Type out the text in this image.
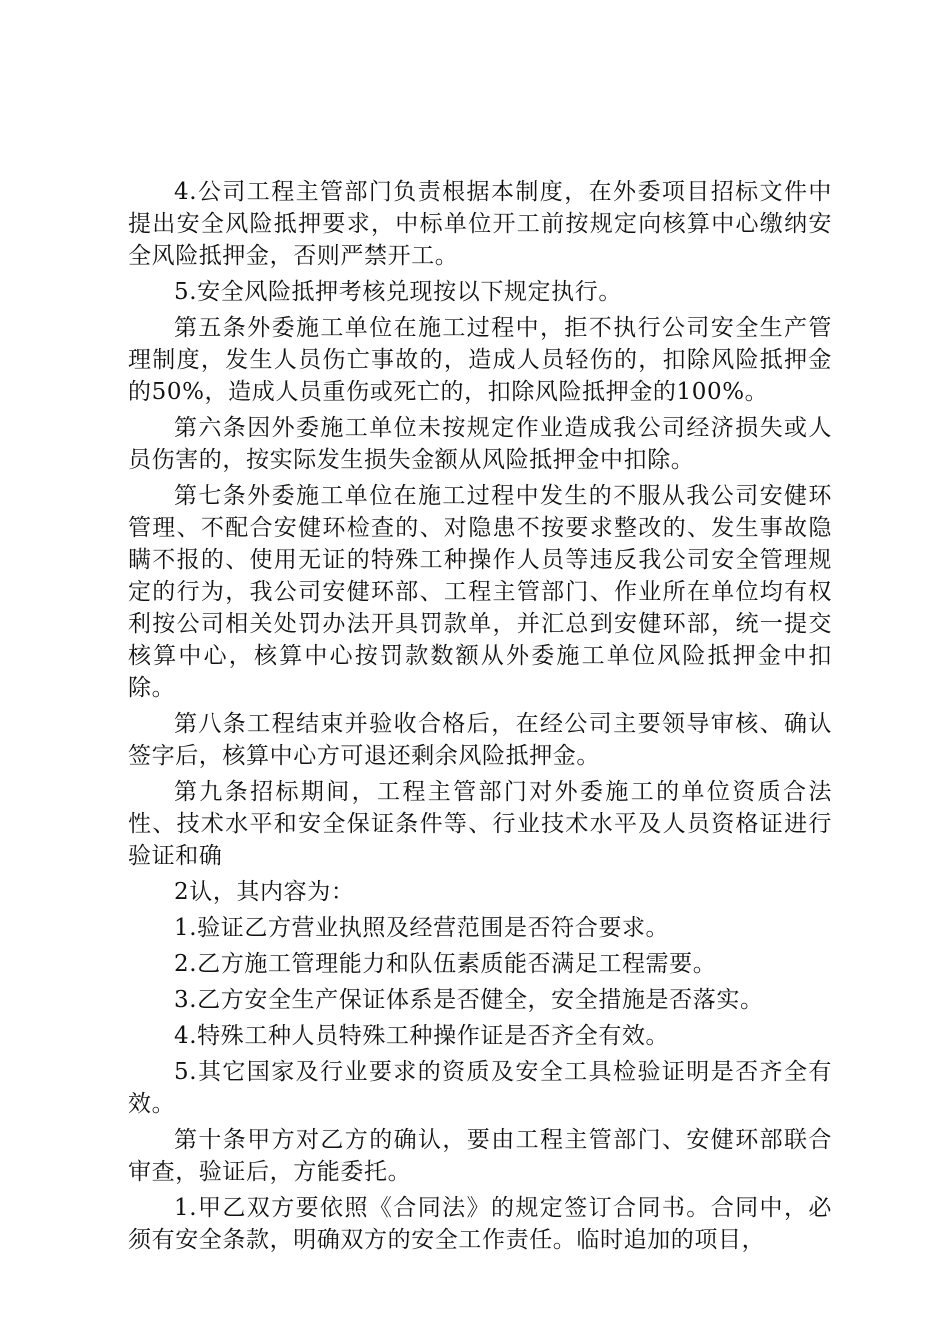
4.公司工程主管部门负责根据本制度，在外委项目招标文件中提出安全风险抵押要求，中标单位开工前按规定向核算中心缴纳安全风险抵押金，否则严禁开工。

5.安全风险抵押考核兑现按以下规定执行。

第五条外委施工单位在施工过程中，拒不执行公司安全生产管理制度，发生人员伤亡事故的，造成人员轻伤的，扣除风险抵押金的50%，造成人员重伤或死亡的，扣除风险抵押金的100%。

第六条因外委施工单位未按规定作业造成我公司经济损失或人员伤害的，按实际发生损失金额从风险抵押金中扣除。

第七条外委施工单位在施工过程中发生的不服从我公司安健环管理、不配合安健环检查的、对隐患不按要求整改的、发生事故隐瞒不报的、使用无证的特殊工种操作人员等违反我公司安全管理规定的行为，我公司安健环部、工程主管部门、作业所在单位均有权利按公司相关处罚办法开具罚款单，并汇总到安健环部，统一提交核算中心，核算中心按罚款数额从外委施工单位风险抵押金中扣除。

第八条工程结束并验收合格后，在经公司主要领导审核、确认签字后，核算中心方可退还剩余风险抵押金。

第九条招标期间，工程主管部门对外委施工的单位资质合法性、技术水平和安全保证条件等、行业技术水平及人员资格证进行验证和确

2认，其内容为：

1.验证乙方营业执照及经营范围是否符合要求。

2.乙方施工管理能力和队伍素质能否满足工程需要。

3.乙方安全生产保证体系是否健全，安全措施是否落实。

4.特殊工种人员特殊工种操作证是否齐全有效。

5.其它国家及行业要求的资质及安全工具检验证明是否齐全有效。

第十条甲方对乙方的确认，要由工程主管部门、安健环部联合审查，验证后，方能委托。

1.甲乙双方要依照《合同法》的规定签订合同书。合同中，必须有安全条款，明确双方的安全工作责任。临时追加的项目，
